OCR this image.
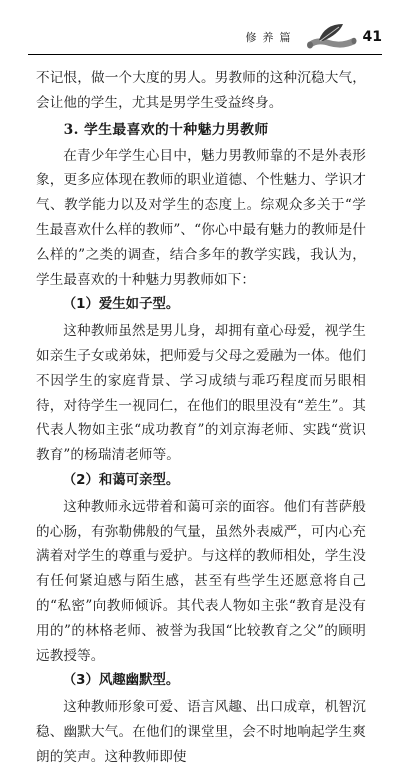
修养篇	41

不记恨，做一个大度的男人。男教师的这种沉稳大气，会让他的学生，尤其是男学生受益终身。

3. 学生最喜欢的十种魅力男教师

在青少年学生心目中，魅力男教师靠的不是外表形象，更多应体现在教师的职业道德、个性魅力、学识才气、教学能力以及对学生的态度上。综观众多关于“学生最喜欢什么样的教师”、“你心中最有魅力的教师是什么样的”之类的调查，结合多年的教学实践，我认为，学生最喜欢的十种魅力男教师如下：

（1）爱生如子型。

这种教师虽然是男儿身，却拥有童心母爱，视学生如亲生子女或弟妹，把师爱与父母之爱融为一体。他们不因学生的家庭背景、学习成绩与乖巧程度而另眼相待，对待学生一视同仁，在他们的眼里没有“差生”。其代表人物如主张“成功教育”的刘京海老师、实践“赏识教育”的杨瑞清老师等。

（2）和蔼可亲型。

这种教师永远带着和蔼可亲的面容。他们有菩萨般的心肠，有弥勒佛般的气量，虽然外表威严，可内心充满着对学生的尊重与爱护。与这样的教师相处，学生没有任何紧迫感与陌生感，甚至有些学生还愿意将自己的“私密”向教师倾诉。其代表人物如主张“教育是没有用的”的林格老师、被誉为我国“比较教育之父”的顾明远教授等。

（3）风趣幽默型。

这种教师形象可爱、语言风趣、出口成章，机智沉稳、幽默大气。在他们的课堂里，会不时地响起学生爽朗的笑声。这种教师即使
